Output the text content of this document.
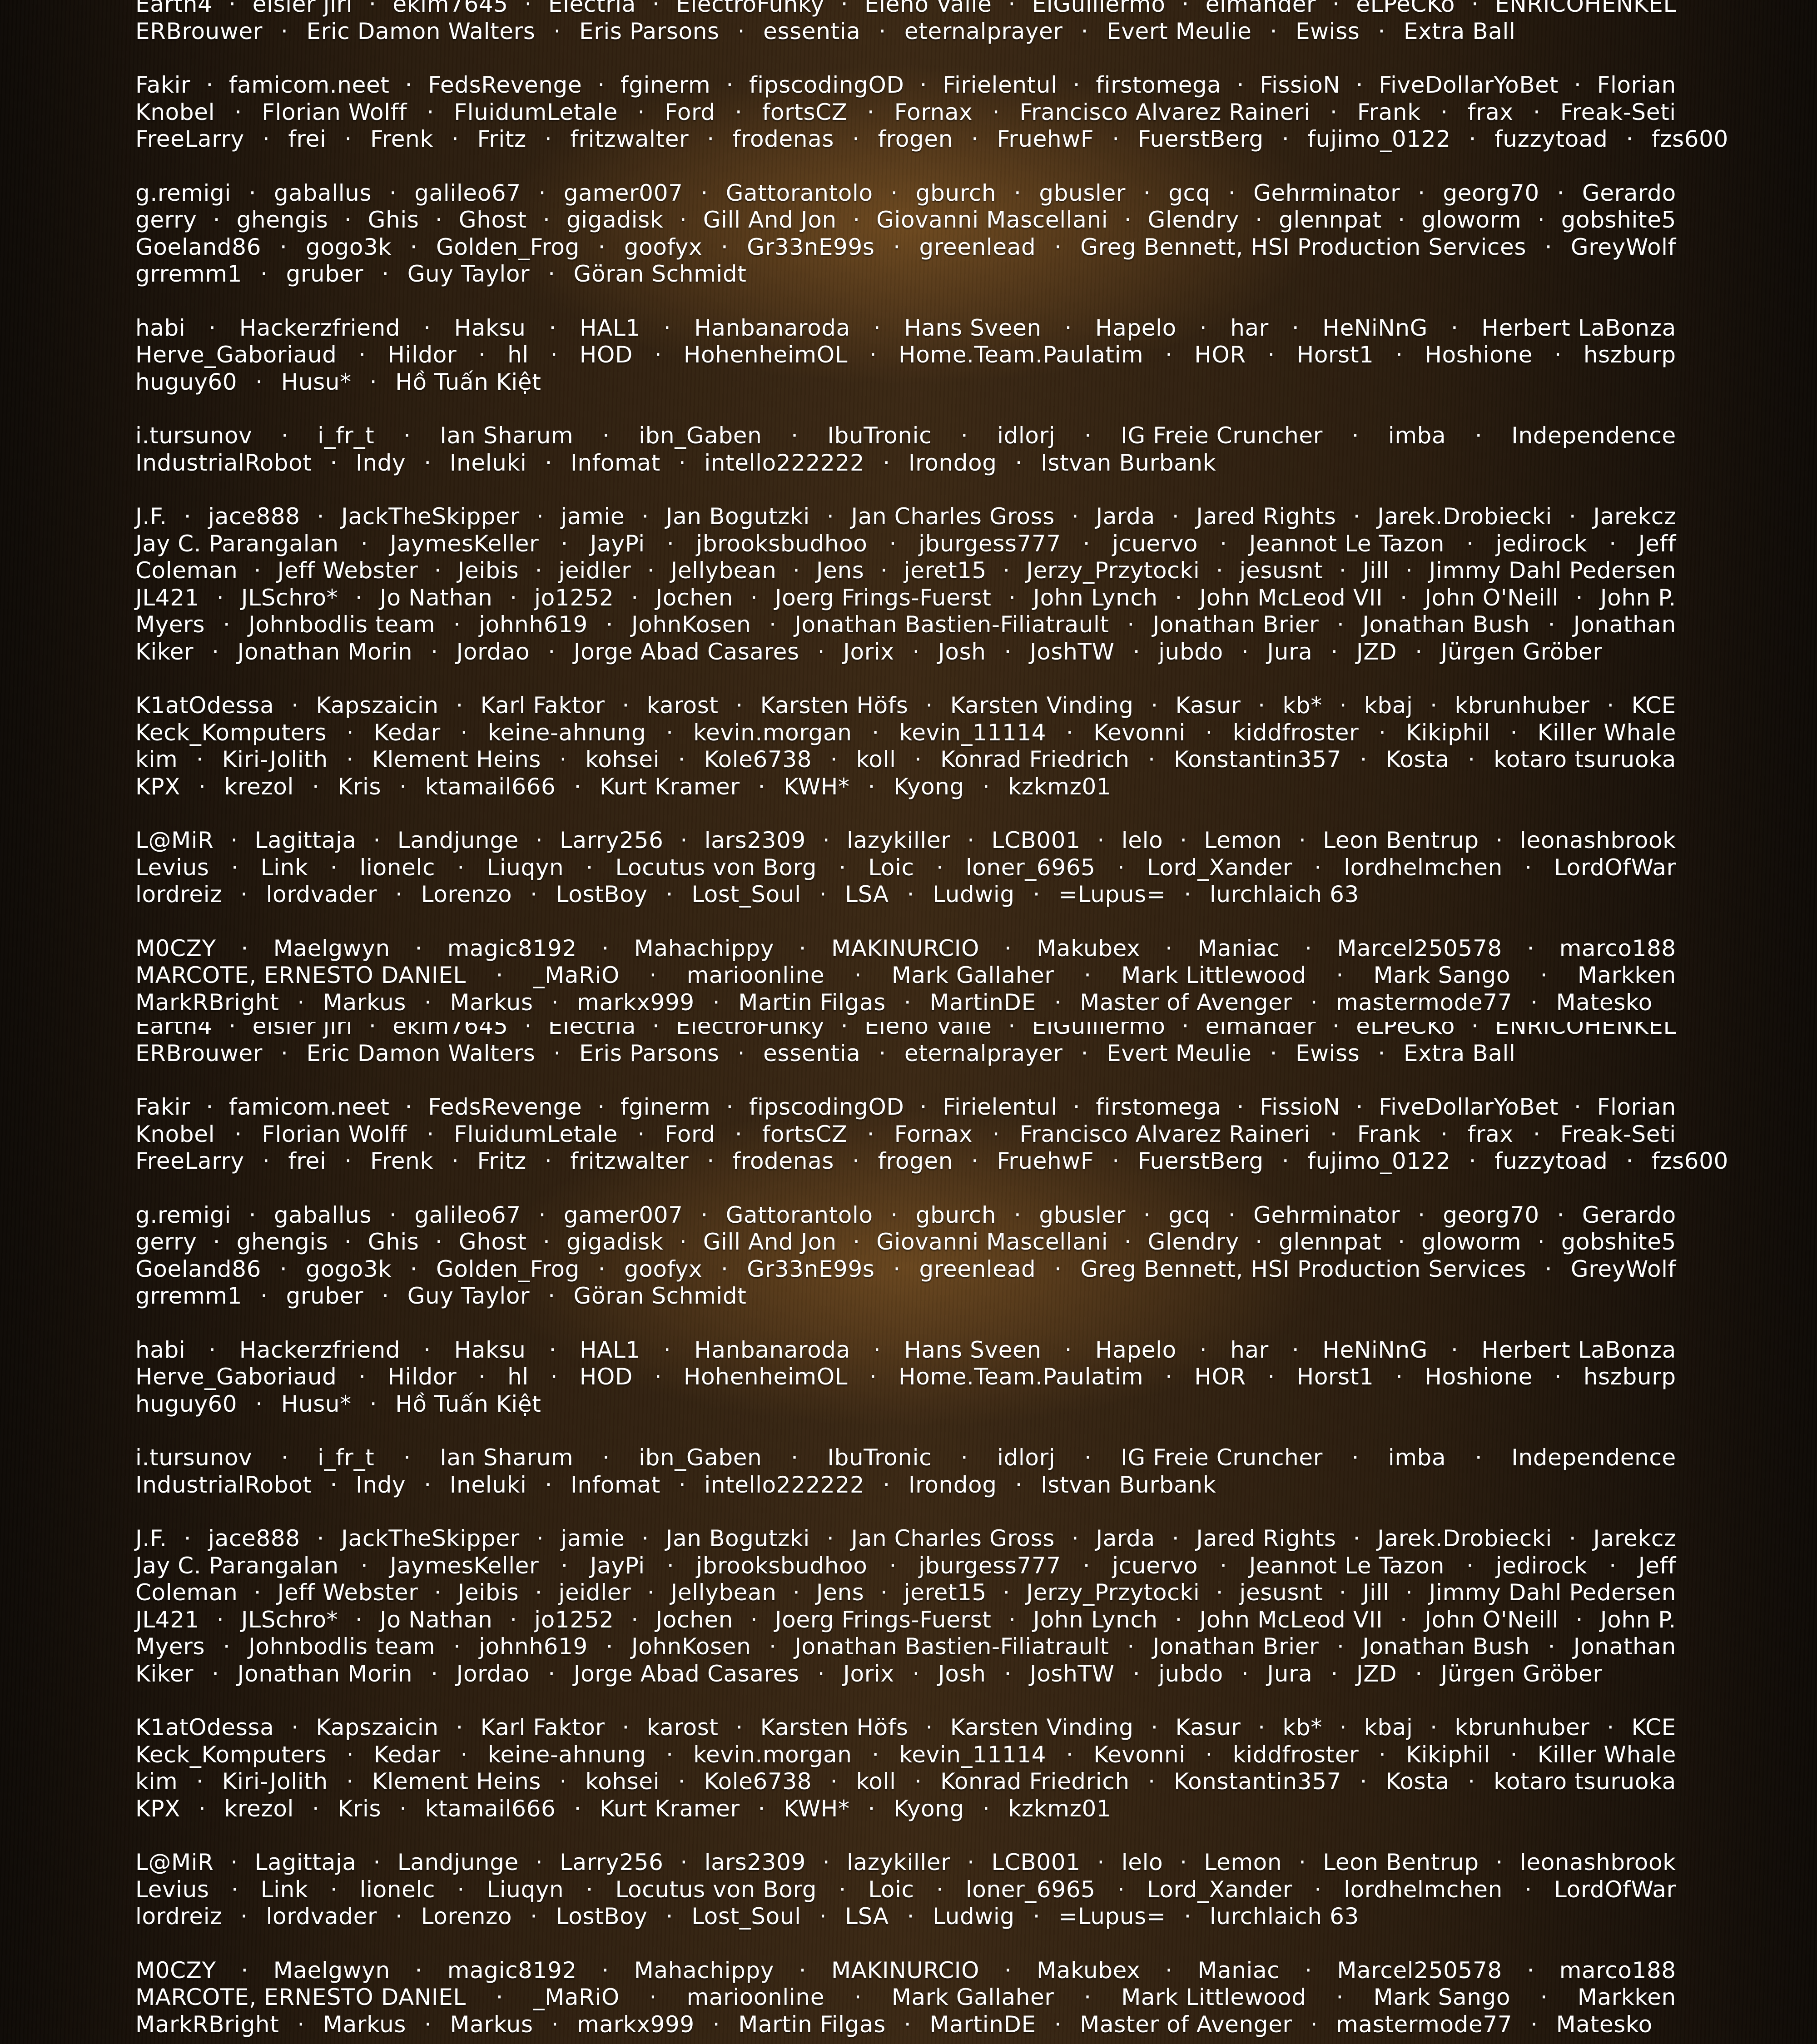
Earth4 · eisler jiri · ekim7645 · Electria · ElectroFunky · Eleno Valle · ElGuillermo · elmander · eLPeCKo · ENRICOHENKEL
ERBrouwer · Eric Damon Walters · Eris Parsons · essentia · eternalprayer · Evert Meulie · Ewiss · Extra Ball
Fakir · famicom.neet · FedsRevenge · fginerm · fipscodingOD · Firielentul · firstomega · FissioN · FiveDollarYoBet · Florian
Knobel · Florian Wolff · FluidumLetale · Ford · fortsCZ · Fornax · Francisco Alvarez Raineri · Frank · frax · Freak-Seti
FreeLarry · frei · Frenk · Fritz · fritzwalter · frodenas · frogen · FruehwF · FuerstBerg · fujimo_0122 · fuzzytoad · fzs600
g.remigi · gaballus · galileo67 · gamer007 · Gattorantolo · gburch · gbusler · gcq · Gehrminator · georg70 · Gerardo
gerry · ghengis · Ghis · Ghost · gigadisk · Gill And Jon · Giovanni Mascellani · Glendry · glennpat · gloworm · gobshite5
Goeland86 · gogo3k · Golden_Frog · goofyx · Gr33nE99s · greenlead · Greg Bennett, HSI Production Services · GreyWolf
grremm1 · gruber · Guy Taylor · Göran Schmidt
habi · Hackerzfriend · Haksu · HAL1 · Hanbanaroda · Hans Sveen · Hapelo · har · HeNiNnG · Herbert LaBonza
Herve_Gaboriaud · Hildor · hl · HOD · HohenheimOL · Home.Team.Paulatim · HOR · Horst1 · Hoshione · hszburp
huguy60 · Husu* · Hồ Tuấn Kiệt
i.tursunov · i_fr_t · Ian Sharum · ibn_Gaben · IbuTronic · idlorj · IG Freie Cruncher · imba · Independence
IndustrialRobot · Indy · Ineluki · Infomat · intello222222 · Irondog · Istvan Burbank
J.F. · jace888 · JackTheSkipper · jamie · Jan Bogutzki · Jan Charles Gross · Jarda · Jared Rights · Jarek.Drobiecki · Jarekcz
Jay C. Parangalan · JaymesKeller · JayPi · jbrooksbudhoo · jburgess777 · jcuervo · Jeannot Le Tazon · jedirock · Jeff
Coleman · Jeff Webster · Jeibis · jeidler · Jellybean · Jens · jeret15 · Jerzy_Przytocki · jesusnt · Jill · Jimmy Dahl Pedersen
JL421 · JLSchro* · Jo Nathan · jo1252 · Jochen · Joerg Frings-Fuerst · John Lynch · John McLeod VII · John O'Neill · John P.
Myers · Johnbodlis team · johnh619 · JohnKosen · Jonathan Bastien-Filiatrault · Jonathan Brier · Jonathan Bush · Jonathan
Kiker · Jonathan Morin · Jordao · Jorge Abad Casares · Jorix · Josh · JoshTW · jubdo · Jura · JZD · Jürgen Gröber
K1atOdessa · Kapszaicin · Karl Faktor · karost · Karsten Höfs · Karsten Vinding · Kasur · kb* · kbaj · kbrunhuber · KCE
Keck_Komputers · Kedar · keine-ahnung · kevin.morgan · kevin_11114 · Kevonni · kiddfroster · Kikiphil · Killer Whale
kim · Kiri-Jolith · Klement Heins · kohsei · Kole6738 · koll · Konrad Friedrich · Konstantin357 · Kosta · kotaro tsuruoka
KPX · krezol · Kris · ktamail666 · Kurt Kramer · KWH* · Kyong · kzkmz01
L@MiR · Lagittaja · Landjunge · Larry256 · lars2309 · lazykiller · LCB001 · lelo · Lemon · Leon Bentrup · leonashbrook
Levius · Link · lionelc · Liuqyn · Locutus von Borg · Loic · loner_6965 · Lord_Xander · lordhelmchen · LordOfWar
lordreiz · lordvader · Lorenzo · LostBoy · Lost_Soul · LSA · Ludwig · =Lupus= · lurchlaich 63
M0CZY · Maelgwyn · magic8192 · Mahachippy · MAKINURCIO · Makubex · Maniac · Marcel250578 · marco188
MARCOTE, ERNESTO DANIEL · _MaRiO · marioonline · Mark Gallaher · Mark Littlewood · Mark Sango · Markken
MarkRBright · Markus · Markus · markx999 · Martin Filgas · MartinDE · Master of Avenger · mastermode77 · Matesko
Earth4 · eisler jiri · ekim7645 · Electria · ElectroFunky · Eleno Valle · ElGuillermo · elmander · eLPeCKo · ENRICOHENKEL
ERBrouwer · Eric Damon Walters · Eris Parsons · essentia · eternalprayer · Evert Meulie · Ewiss · Extra Ball
Fakir · famicom.neet · FedsRevenge · fginerm · fipscodingOD · Firielentul · firstomega · FissioN · FiveDollarYoBet · Florian
Knobel · Florian Wolff · FluidumLetale · Ford · fortsCZ · Fornax · Francisco Alvarez Raineri · Frank · frax · Freak-Seti
FreeLarry · frei · Frenk · Fritz · fritzwalter · frodenas · frogen · FruehwF · FuerstBerg · fujimo_0122 · fuzzytoad · fzs600
g.remigi · gaballus · galileo67 · gamer007 · Gattorantolo · gburch · gbusler · gcq · Gehrminator · georg70 · Gerardo
gerry · ghengis · Ghis · Ghost · gigadisk · Gill And Jon · Giovanni Mascellani · Glendry · glennpat · gloworm · gobshite5
Goeland86 · gogo3k · Golden_Frog · goofyx · Gr33nE99s · greenlead · Greg Bennett, HSI Production Services · GreyWolf
grremm1 · gruber · Guy Taylor · Göran Schmidt
habi · Hackerzfriend · Haksu · HAL1 · Hanbanaroda · Hans Sveen · Hapelo · har · HeNiNnG · Herbert LaBonza
Herve_Gaboriaud · Hildor · hl · HOD · HohenheimOL · Home.Team.Paulatim · HOR · Horst1 · Hoshione · hszburp
huguy60 · Husu* · Hồ Tuấn Kiệt
i.tursunov · i_fr_t · Ian Sharum · ibn_Gaben · IbuTronic · idlorj · IG Freie Cruncher · imba · Independence
IndustrialRobot · Indy · Ineluki · Infomat · intello222222 · Irondog · Istvan Burbank
J.F. · jace888 · JackTheSkipper · jamie · Jan Bogutzki · Jan Charles Gross · Jarda · Jared Rights · Jarek.Drobiecki · Jarekcz
Jay C. Parangalan · JaymesKeller · JayPi · jbrooksbudhoo · jburgess777 · jcuervo · Jeannot Le Tazon · jedirock · Jeff
Coleman · Jeff Webster · Jeibis · jeidler · Jellybean · Jens · jeret15 · Jerzy_Przytocki · jesusnt · Jill · Jimmy Dahl Pedersen
JL421 · JLSchro* · Jo Nathan · jo1252 · Jochen · Joerg Frings-Fuerst · John Lynch · John McLeod VII · John O'Neill · John P.
Myers · Johnbodlis team · johnh619 · JohnKosen · Jonathan Bastien-Filiatrault · Jonathan Brier · Jonathan Bush · Jonathan
Kiker · Jonathan Morin · Jordao · Jorge Abad Casares · Jorix · Josh · JoshTW · jubdo · Jura · JZD · Jürgen Gröber
K1atOdessa · Kapszaicin · Karl Faktor · karost · Karsten Höfs · Karsten Vinding · Kasur · kb* · kbaj · kbrunhuber · KCE
Keck_Komputers · Kedar · keine-ahnung · kevin.morgan · kevin_11114 · Kevonni · kiddfroster · Kikiphil · Killer Whale
kim · Kiri-Jolith · Klement Heins · kohsei · Kole6738 · koll · Konrad Friedrich · Konstantin357 · Kosta · kotaro tsuruoka
KPX · krezol · Kris · ktamail666 · Kurt Kramer · KWH* · Kyong · kzkmz01
L@MiR · Lagittaja · Landjunge · Larry256 · lars2309 · lazykiller · LCB001 · lelo · Lemon · Leon Bentrup · leonashbrook
Levius · Link · lionelc · Liuqyn · Locutus von Borg · Loic · loner_6965 · Lord_Xander · lordhelmchen · LordOfWar
lordreiz · lordvader · Lorenzo · LostBoy · Lost_Soul · LSA · Ludwig · =Lupus= · lurchlaich 63
M0CZY · Maelgwyn · magic8192 · Mahachippy · MAKINURCIO · Makubex · Maniac · Marcel250578 · marco188
MARCOTE, ERNESTO DANIEL · _MaRiO · marioonline · Mark Gallaher · Mark Littlewood · Mark Sango · Markken
MarkRBright · Markus · Markus · markx999 · Martin Filgas · MartinDE · Master of Avenger · mastermode77 · Matesko
